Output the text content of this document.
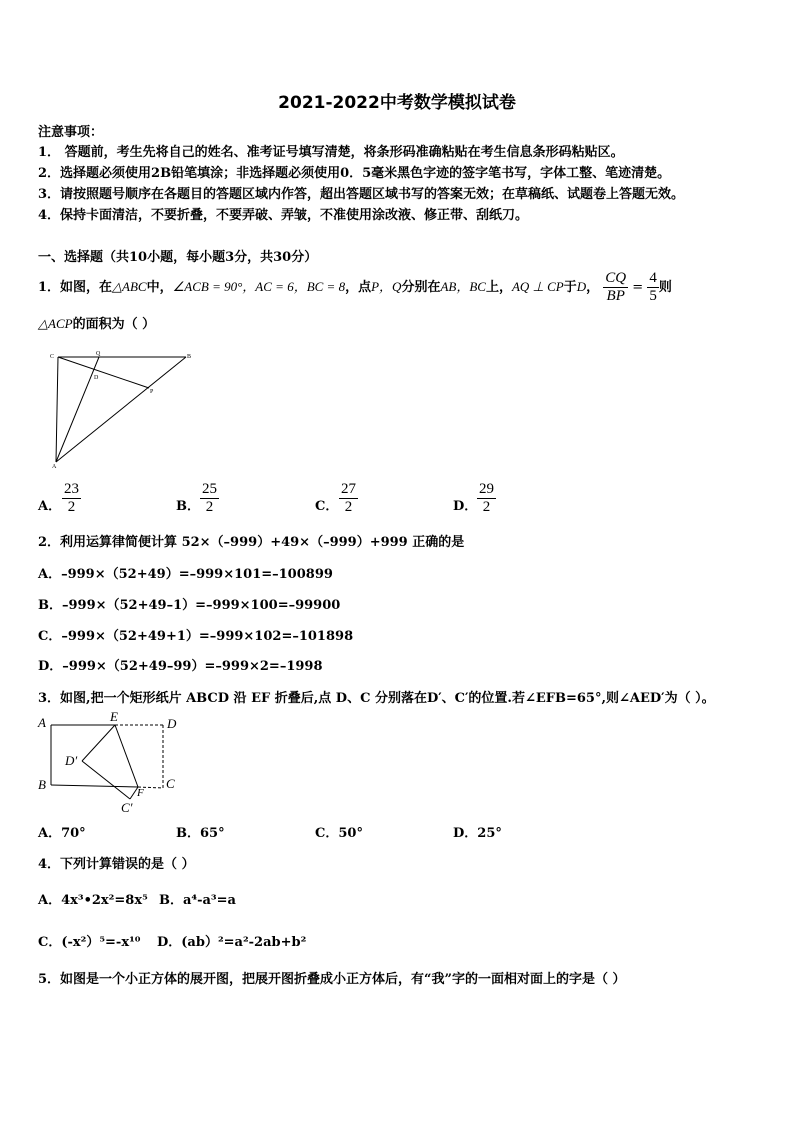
2021-2022中考数学模拟试卷
注意事项：
1． 答题前，考生先将自己的姓名、准考证号填写清楚，将条形码准确粘贴在考生信息条形码粘贴区。
2．选择题必须使用2B铅笔填涂；非选择题必须使用0．5毫米黑色字迹的签字笔书写，字体工整、笔迹清楚。
3．请按照题号顺序在各题目的答题区域内作答，超出答题区域书写的答案无效；在草稿纸、试题卷上答题无效。
4．保持卡面清洁，不要折叠，不要弄破、弄皱，不准使用涂改液、修正带、刮纸刀。
一、选择题（共10小题，每小题3分，共30分）
1．如图，在△ABC中，∠ACB = 90°，AC = 6，BC = 8，点P，Q分别在AB，BC上，AQ ⊥ CP于D， $\frac{CQ}{BP} = \frac{4}{5}$ 则
△ACP的面积为（ ）
C	Q	B
D
P
A
A． $\frac{23}{2}$	B． $\frac{25}{2}$	C． $\frac{27}{2}$	D． $\frac{29}{2}$
2．利用运算律简便计算 52×（–999）+49×（–999）+999 正确的是
A．–999×（52+49）=–999×101=–100899
B．–999×（52+49–1）=–999×100=–99900
C．–999×（52+49+1）=–999×102=–101898
D．–999×（52+49–99）=–999×2=–1998
3．如图,把一个矩形纸片 ABCD 沿 EF 折叠后,点 D、C 分别落在D′、C′的位置.若∠EFB=65°,则∠AED′为（ ）。
A	E	D
D′
B	C
F
C′
A．70°	B．65°	C．50°	D．25°
4．下列计算错误的是（ ）
A．4x³•2x²=8x⁵ B．a⁴-a³=a
C．(-x²）⁵=-x¹⁰ D．(ab）²=a²-2ab+b²
5．如图是一个小正方体的展开图，把展开图折叠成小正方体后，有“我”字的一面相对面上的字是（ ）
